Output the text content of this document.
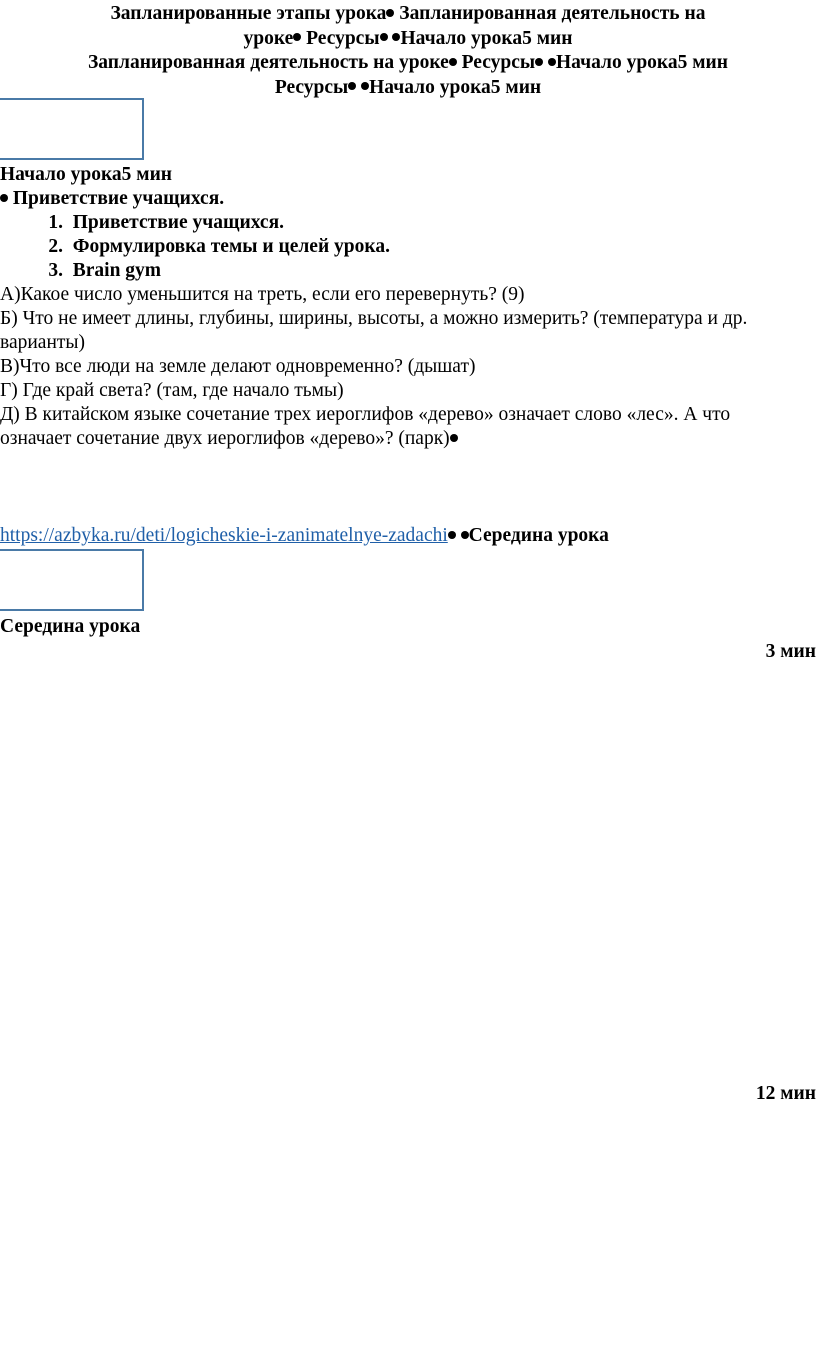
Запланированные этапы урока Запланированная деятельность на
уроке Ресурсы Начало урока5 мин
Запланированная деятельность на уроке Ресурсы Начало урока5 мин
Ресурсы Начало урока5 мин
Начало урока5 мин
Приветствие учащихся.
1. Приветствие учащихся.
2. Формулировка темы и целей урока.
3. Brain gym
А)Какое число уменьшится на треть, если его перевернуть? (9)
Б) Что не имеет длины, глубины, ширины, высоты, а можно измерить? (температура и др.
варианты)
В)Что все люди на земле делают одновременно? (дышат)
Г) Где край света? (там, где начало тьмы)
Д) В китайском языке сочетание трех иероглифов «дерево» означает слово «лес». А что
означает сочетание двух иероглифов «дерево»? (парк)
https://azbyka.ru/deti/logicheskie-i-zanimatelnye-zadachi Середина урока
Середина урока
3 мин
12 мин
